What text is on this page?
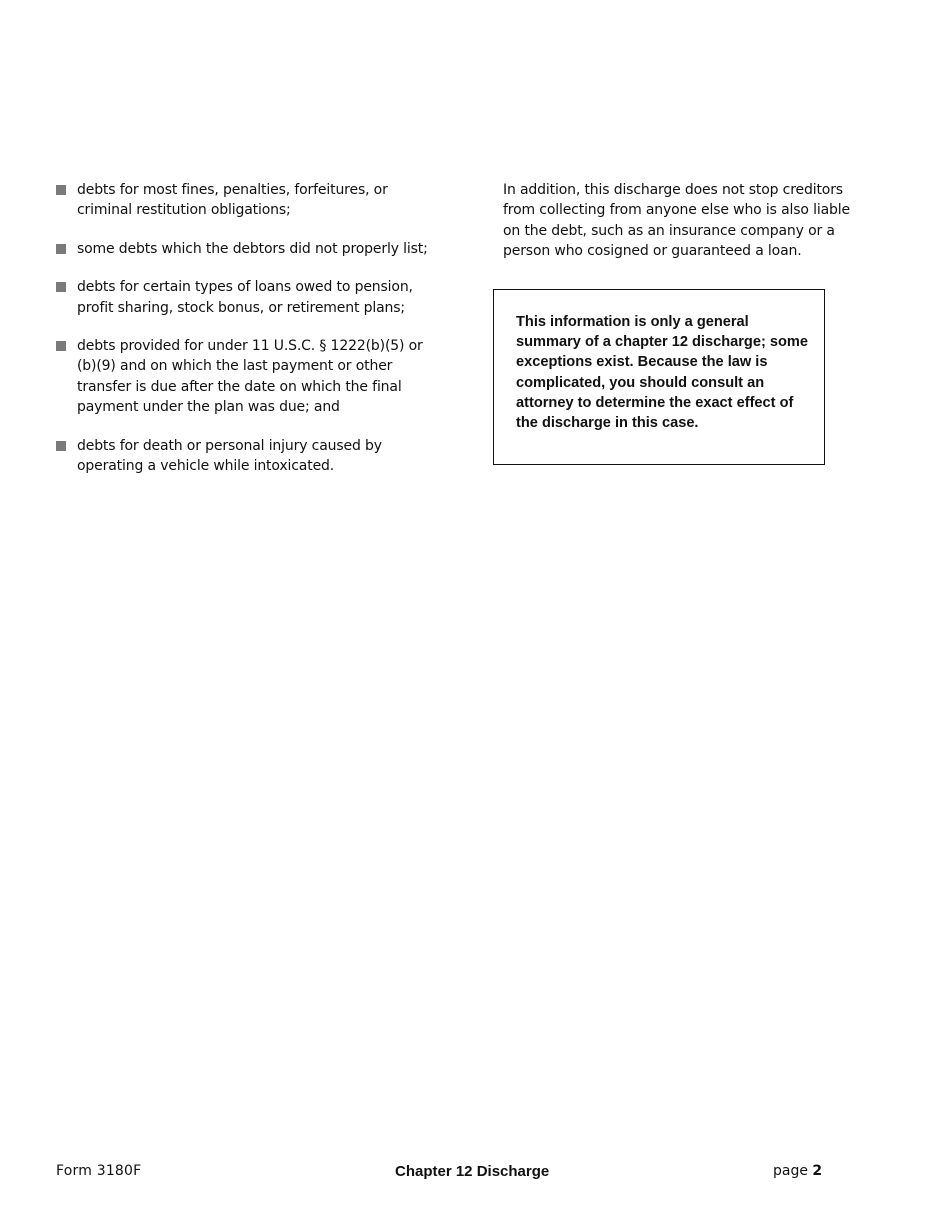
debts for most fines, penalties, forfeitures, or criminal restitution obligations;
some debts which the debtors did not properly list;
debts for certain types of loans owed to pension, profit sharing, stock bonus, or retirement plans;
debts provided for under 11 U.S.C. § 1222(b)(5) or (b)(9) and on which the last payment or other transfer is due after the date on which the final payment under the plan was due; and
debts for death or personal injury caused by operating a vehicle while intoxicated.

In addition, this discharge does not stop creditors from collecting from anyone else who is also liable on the debt, such as an insurance company or a person who cosigned or guaranteed a loan.

This information is only a general summary of a chapter 12 discharge; some exceptions exist. Because the law is complicated, you should consult an attorney to determine the exact effect of the discharge in this case.

Form 3180F	Chapter 12 Discharge	page 2
